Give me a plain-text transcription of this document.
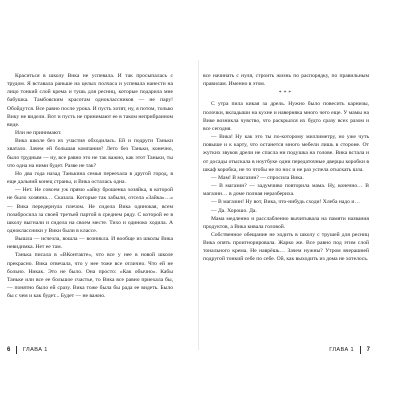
Краситься в школу Вика не успевала. И так просыпалась с трудом. Я вставала раньше на целых полчаса и успевала нанести на лицо тонкий слой крема и тушь для ресниц, которые подарила мне бабушка. Тамбовским красотам одноклассников — не пару! Обойдутся. Все равно после урока. И пусть хотят, ну, я потом, только Вику не видели. Вот и пусть не принимают ее в таком неприбранном виде.

Или не принимают.

Вика школе без их участия обходилась. Ей и подруги Таньки хватало. Зачем ей большая компания? Лето без Таньки, конечно, было трудным — ну, все равно это не так важно, как этот Таньки, ты что одна на ними будет. Разве не так?

Но два года назад Танькина семья переехала в другой город, в еще дальний конец страны, и Вика осталась одна.

— Нет. Не совсем уж прямо «айку брошенка хозяйка, в которой не было хозяина… Сказала. Которые так забыли, отсела «Зайка»…» — Вика передернула плечом. Не сидела Вика одинокая, всем позабросила за своей третьей партой в среднем ряду. С которой ее в школу выгнали и сидела на своем месте. Тихо и одиноко ходила. А одноклассники у Вики были в классе.

Вышла — исчезла, вошла — возникла. И вообще из школы Вика невидимка. Нет ее там.

Танька писала в «ВКонтакте», что все у нее в новой школе прекрасно. Вика отвечала, что у нее тоже все отлично. Что ей не больно. Никак. Это не было. Она просто: «Как обычно». Кабы Таньке или все ее большое счастье, то Вика все равно приехала бы, — понятно было ей сразу. Вика тоже была бы рада ее видеть. Было бы с чем и как будет... Будет — не важно.

все начинать с нуля, строить жизнь по распорядку, по правильным правилам. Именно в этом.

***

С утра пила кикая за дрель. Нужно было повесить карнизы, полочки, вкладыши на кухне и наверняка много чего еще. У мамы на Вике возникла чувство, что раскрылся их будто сразу всех разом и все сегодня.

— Вика! Ну как это ты по-которому миллиметру, но уже чуть повыше и к карту, что останется много мебели лишь в стороне. От жутких звуков дрели не спасла ни подушка на голове. Вика встала и от досады отыскала в ноутбуке одни передаточные дверцы коробки в шкаф коробка, не то чтобы не по нос и не раз успела отыскать шла.

— Мам! В магазин? — спросила Вика.

— В магазин? — задумчиво повторила мама. Ну, конечно… В магазин… в доме полная неразбериха.

— В магазин! Ну вот, Вика, что-нибудь сходи! Хлеба надо и…

— Да. Хорошо. Да.

Мама медленно и расслабленно вычитывала на памяти названия продуктов, а Вика кивала головой.

Собственное обещание не ходить в школу с трушей для ресниц Вика опять проигнорировала. Жарко же. Все равно под этим слой тонального крема. Не наврёшь… Зачем нужны? Утром вчерашней подругой тонкий себе по себе. Ой, как выходить из дома не хотелось.

6 ГЛАВА 1	ГЛАВА 1 7
